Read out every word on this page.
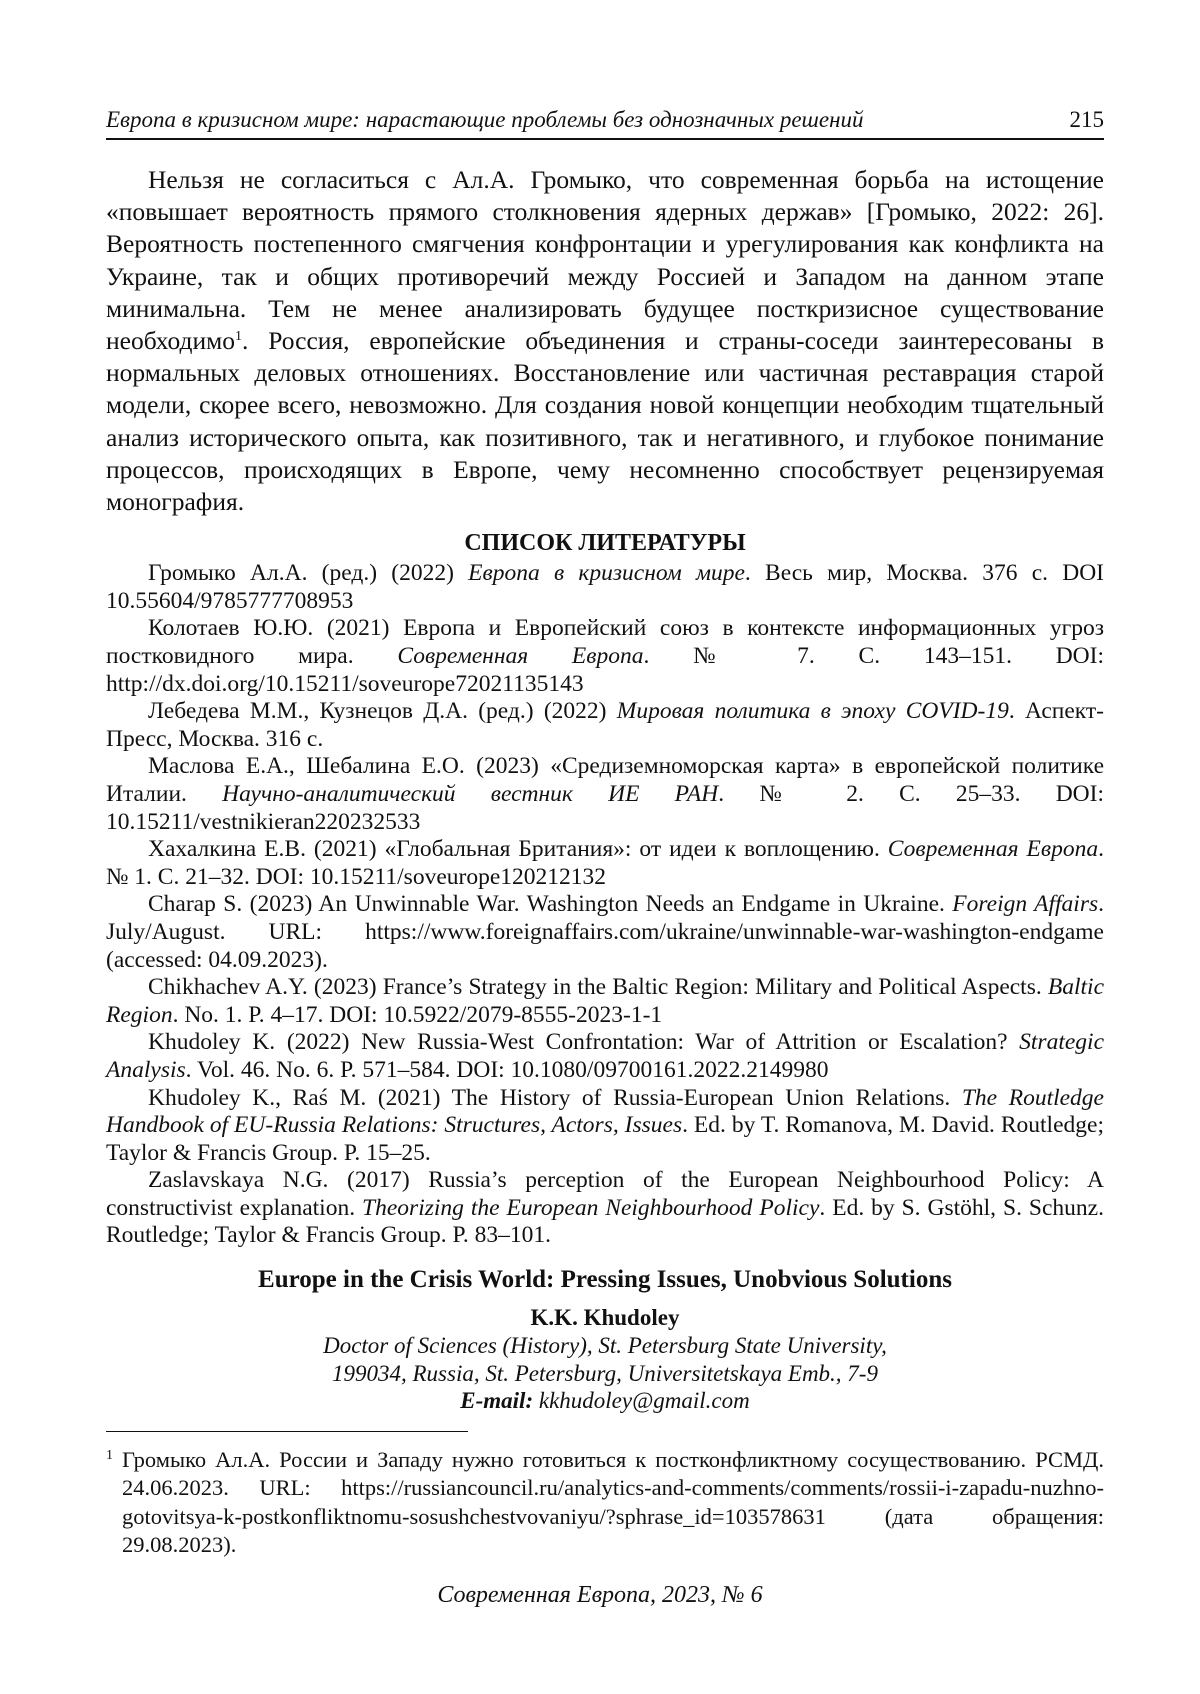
Европа в кризисном мире: нарастающие проблемы без однозначных решений	215

Нельзя не согласиться с Ал.А. Громыко, что современная борьба на истощение «повышает вероятность прямого столкновения ядерных держав» [Громыко, 2022: 26]. Вероятность постепенного смягчения конфронтации и урегулирования как конфликта на Украине, так и общих противоречий между Россией и Западом на данном этапе минимальна. Тем не менее анализировать будущее посткризисное существование необходимо$^1$. Россия, европейские объединения и страны-соседи заинтересованы в нормальных деловых отношениях. Восстановление или частичная реставрация старой модели, скорее всего, невозможно. Для создания новой концепции необходим тщательный анализ исторического опыта, как позитивного, так и негативного, и глубокое понимание процессов, происходящих в Европе, чему несомненно способствует рецензируемая монография.

СПИСОК ЛИТЕРАТУРЫ

Громыко Ал.А. (ред.) (2022) Европа в кризисном мире. Весь мир, Москва. 376 с. DOI 10.55604/9785777708953

Колотаев Ю.Ю. (2021) Европа и Европейский союз в контексте информационных угроз постковидного мира. Современная Европа. № 7. С. 143–151. DOI: http://dx.doi.org/10.15211/soveurope72021135143

Лебедева М.М., Кузнецов Д.А. (ред.) (2022) Мировая политика в эпоху COVID-19. Аспект-Пресс, Москва. 316 с.

Маслова Е.А., Шебалина Е.О. (2023) «Средиземноморская карта» в европейской политике Италии. Научно-аналитический вестник ИЕ РАН. № 2. С. 25–33. DOI: 10.15211/vestnikieran220232533

Хахалкина Е.В. (2021) «Глобальная Британия»: от идеи к воплощению. Современная Европа. № 1. С. 21–32. DOI: 10.15211/soveurope120212132

Charap S. (2023) An Unwinnable War. Washington Needs an Endgame in Ukraine. Foreign Affairs. July/August. URL: https://www.foreignaffairs.com/ukraine/unwinnable-war-washington-endgame (accessed: 04.09.2023).

Chikhachev A.Y. (2023) France’s Strategy in the Baltic Region: Military and Political Aspects. Baltic Region. No. 1. P. 4–17. DOI: 10.5922/2079-8555-2023-1-1

Khudoley K. (2022) New Russia-West Confrontation: War of Attrition or Escalation? Strategic Analysis. Vol. 46. No. 6. P. 571–584. DOI: 10.1080/09700161.2022.2149980

Khudoley K., Raś M. (2021) The History of Russia-European Union Relations. The Routledge Handbook of EU-Russia Relations: Structures, Actors, Issues. Ed. by T. Romanova, M. David. Routledge; Taylor & Francis Group. P. 15–25.

Zaslavskaya N.G. (2017) Russia’s perception of the European Neighbourhood Policy: A constructivist explanation. Theorizing the European Neighbourhood Policy. Ed. by S. Gstöhl, S. Schunz. Routledge; Taylor & Francis Group. P. 83–101.

Europe in the Crisis World: Pressing Issues, Unobvious Solutions

K.K. Khudoley

Doctor of Sciences (History), St. Petersburg State University,

199034, Russia, St. Petersburg, Universitetskaya Emb., 7-9

E-mail: kkhudoley@gmail.com

$^1$ Громыко Ал.А. России и Западу нужно готовиться к постконфликтному сосуществованию. РСМД. 24.06.2023. URL: https://russiancouncil.ru/analytics-and-comments/comments/rossii-i-zapadu-nuzhno-gotovitsya-k-postkonfliktnomu-sosushchestvovaniyu/?sphrase_id=103578631 (дата обращения: 29.08.2023).

Современная Европа, 2023, № 6
